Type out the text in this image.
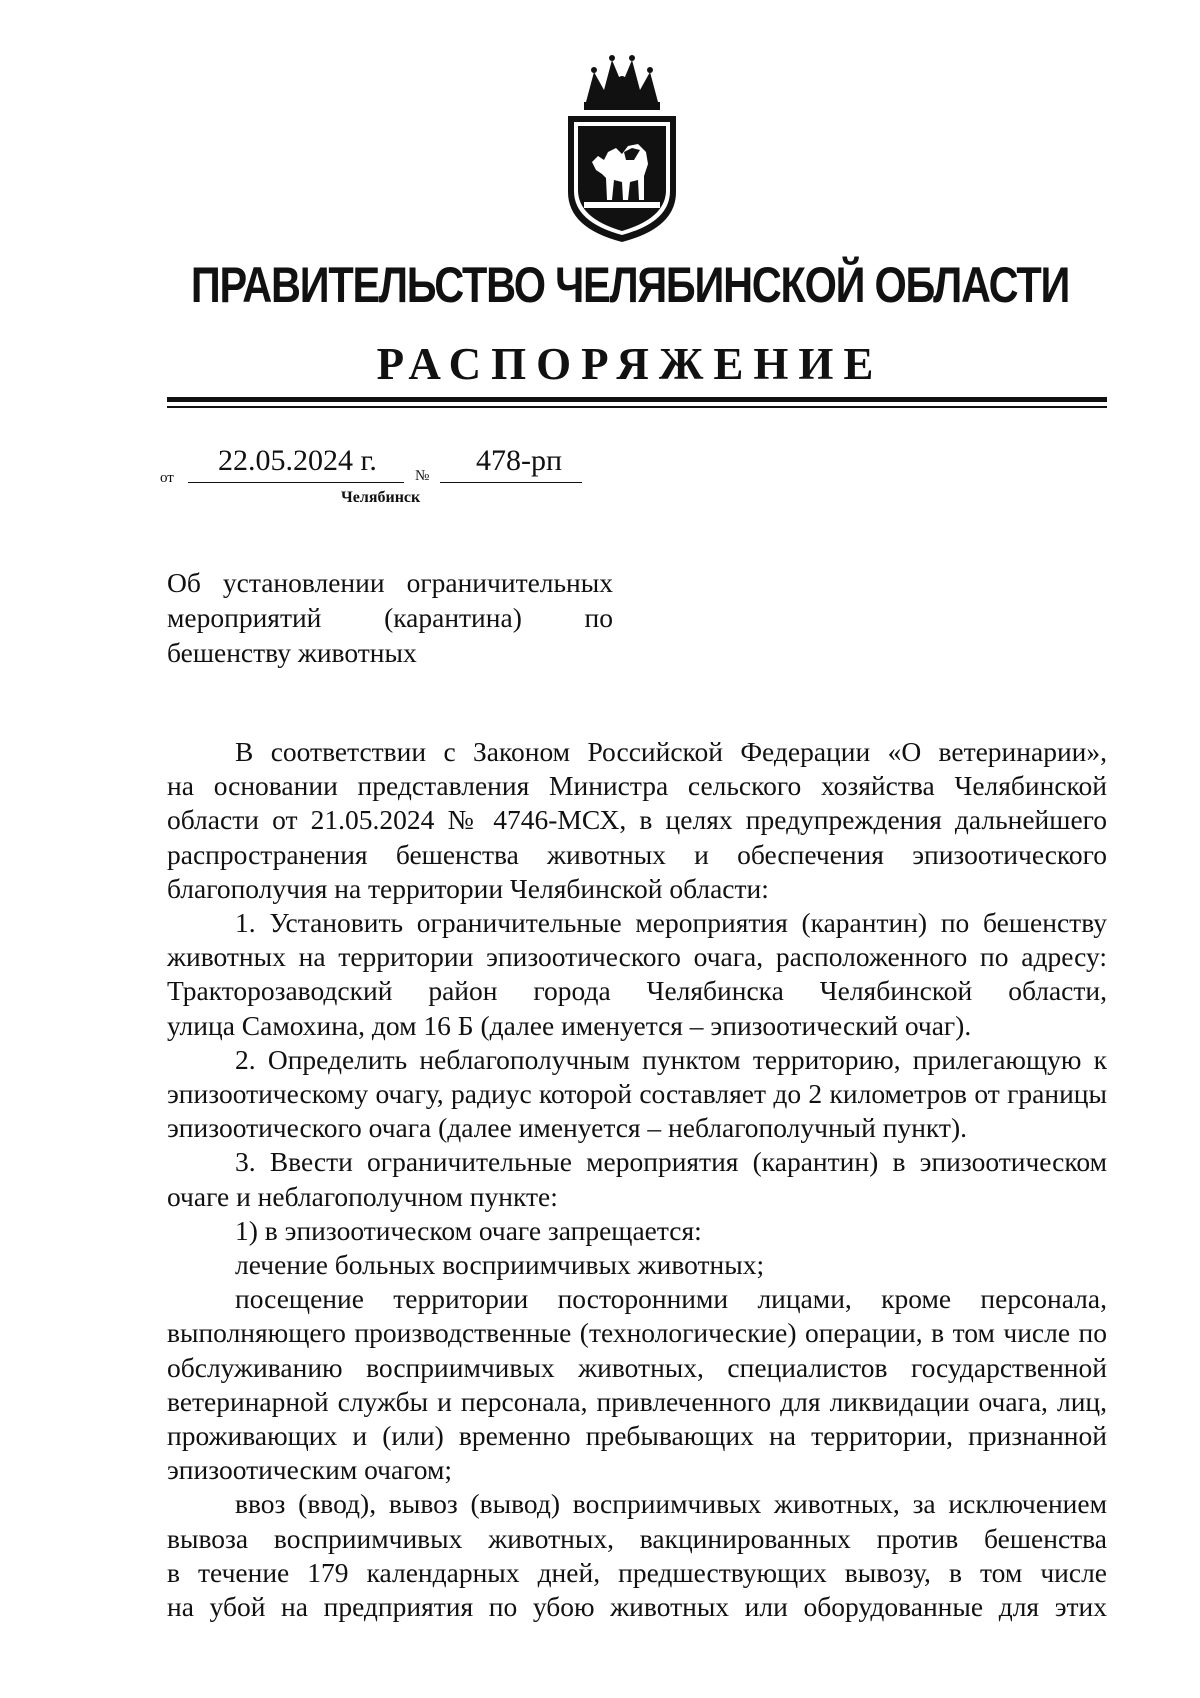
ПРАВИТЕЛЬСТВО ЧЕЛЯБИНСКОЙ ОБЛАСТИ
РАСПОРЯЖЕНИЕ
от
22.05.2024 г.	№ 478-рп
Челябинск
Об установлении ограничительных
мероприятий (карантина) по
бешенству животных
В соответствии с Законом Российской Федерации «О ветеринарии»,
на основании представления Министра сельского хозяйства Челябинской
области от 21.05.2024 № 4746-МСХ, в целях предупреждения дальнейшего
распространения бешенства животных и обеспечения эпизоотического
благополучия на территории Челябинской области:
1. Установить ограничительные мероприятия (карантин) по бешенству
животных на территории эпизоотического очага, расположенного по адресу:
Тракторозаводский район города Челябинска Челябинской области,
улица Самохина, дом 16 Б (далее именуется – эпизоотический очаг).
2. Определить неблагополучным пунктом территорию, прилегающую к
эпизоотическому очагу, радиус которой составляет до 2 километров от границы
эпизоотического очага (далее именуется – неблагополучный пункт).
3. Ввести ограничительные мероприятия (карантин) в эпизоотическом
очаге и неблагополучном пункте:
1) в эпизоотическом очаге запрещается:
лечение больных восприимчивых животных;
посещение территории посторонними лицами, кроме персонала,
выполняющего производственные (технологические) операции, в том числе по
обслуживанию восприимчивых животных, специалистов государственной
ветеринарной службы и персонала, привлеченного для ликвидации очага, лиц,
проживающих и (или) временно пребывающих на территории, признанной
эпизоотическим очагом;
ввоз (ввод), вывоз (вывод) восприимчивых животных, за исключением
вывоза восприимчивых животных, вакцинированных против бешенства
в течение 179 календарных дней, предшествующих вывозу, в том числе
на убой на предприятия по убою животных или оборудованные для этих
